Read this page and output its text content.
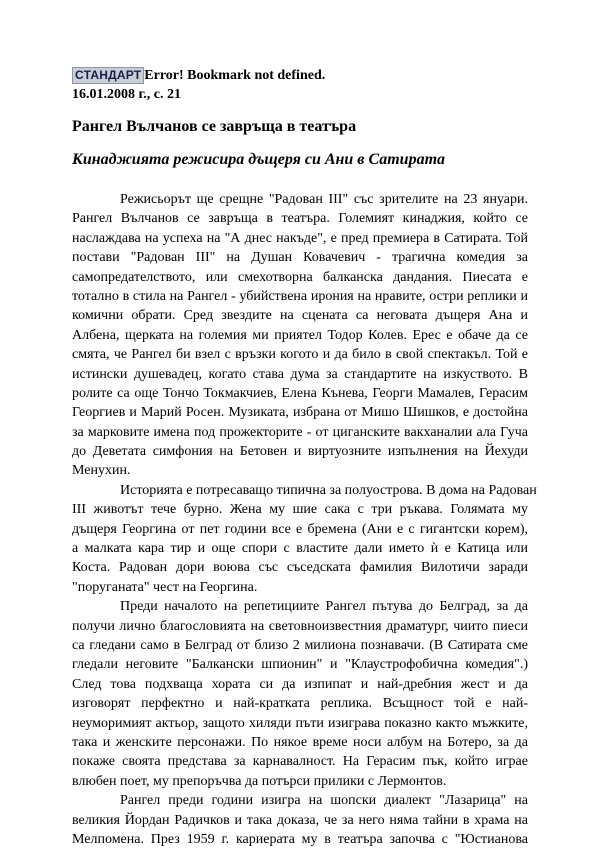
СТАНДАРТ Error! Bookmark not defined.
16.01.2008 г., с. 21
Рангел Вълчанов се завръща в театъра
Кинаджията режисира дъщеря си Ани в Сатирата
Режисьорът ще срещне "Радован III" със зрителите на 23 януари.
Рангел Вълчанов се завръща в театъра. Големият кинаджия, който се
наслаждава на успеха на "А днес накъде", е пред премиера в Сатирата. Той
постави "Радован III" на Душан Ковачевич - трагична комедия за
самопредателството, или смехотворна балканска дандания. Пиесата е
тотално в стила на Рангел - убийствена ирония на нравите, остри реплики и
комични обрати. Сред звездите на сцената са неговата дъщеря Ана и
Албена, щерката на големия ми приятел Тодор Колев. Ерес е обаче да се
смята, че Рангел би взел с връзки когото и да било в свой спектакъл. Той е
истински душевадец, когато става дума за стандартите на изкуството. В
ролите са още Тончо Токмакчиев, Елена Кънева, Георги Мамалев, Герасим
Георгиев и Марий Росен. Музиката, избрана от Мишо Шишков, е достойна
за марковите имена под прожекторите - от циганските вакханалии ала Гуча
до Деветата симфония на Бетовен и виртуозните изпълнения на Йехуди
Менухин.
Историята е потресаващо типична за полуострова. В дома на Радован
III животът тече бурно. Жена му шие сака с три ръкава. Голямата му
дъщеря Георгина от пет години все е бремена (Ани е с гигантски корем),
а малката кара тир и още спори с властите дали името ѝ е Катица или
Коста. Радован дори воюва със съседската фамилия Вилотичи заради
"поруганата" чест на Георгина.
Преди началото на репетициите Рангел пътува до Белград, за да
получи лично благословията на световноизвестния драматург, чиито пиеси
са гледани само в Белград от близо 2 милиона познавачи. (В Сатирата сме
гледали неговите "Балкански шпионин" и "Клаустрофобична комедия".)
След това подхваща хората си да изпипат и най-дребния жест и да
изговорят перфектно и най-кратката реплика. Всъщност той е най-
неуморимият актьор, защото хиляди пъти изиграва показно както мъжките,
така и женските персонажи. По някое време носи албум на Ботеро, за да
покаже своята представа за карнавалност. На Герасим пък, който играе
влюбен поет, му препоръчва да потърси прилики с Лермонтов.
Рангел преди години изигра на шопски диалект "Лазарица" на
великия Йордан Радичков и така доказа, че за него няма тайни в храма на
Мелпомена. През 1959 г. кариерата му в театъра започва с "Юстианова
